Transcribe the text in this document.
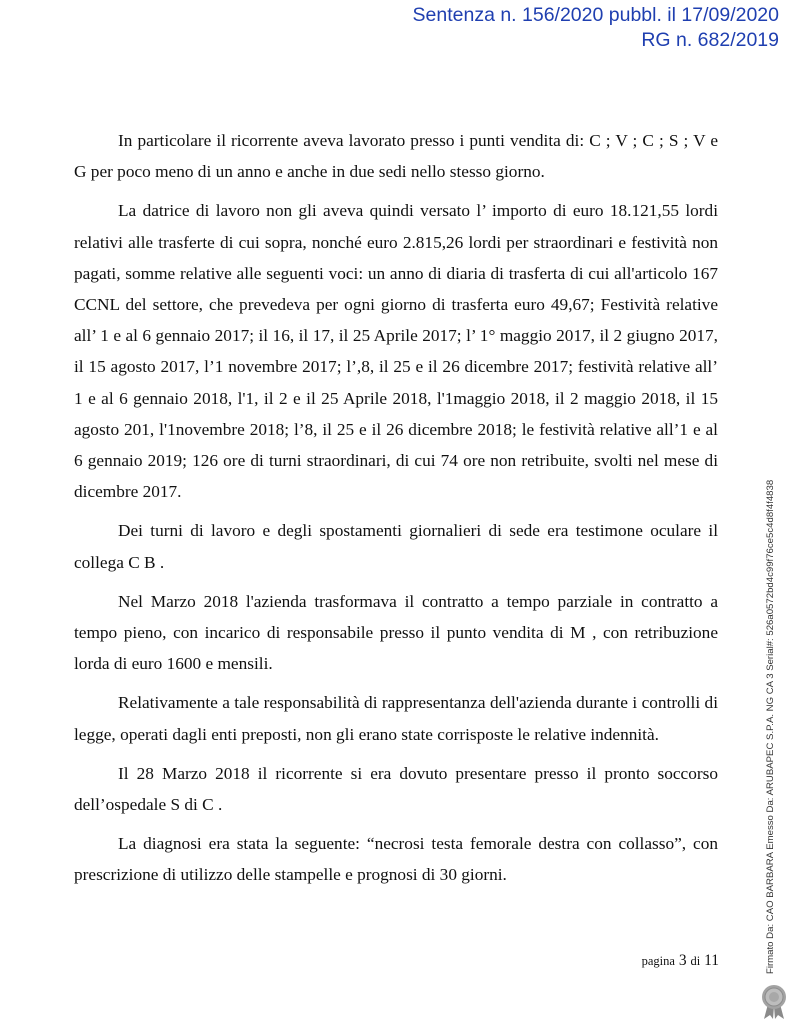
Sentenza n. 156/2020 pubbl. il 17/09/2020
RG n. 682/2019

In particolare il ricorrente aveva lavorato presso i punti vendita di: C ; V ; C ; S ; V e G per poco meno di un anno e anche in due sedi nello stesso giorno.

La datrice di lavoro non gli aveva quindi versato l’ importo di euro 18.121,55 lordi relativi alle trasferte di cui sopra, nonché euro 2.815,26 lordi per straordinari e festività non pagati, somme relative alle seguenti voci: un anno di diaria di trasferta di cui all'articolo 167 CCNL del settore, che prevedeva per ogni giorno di trasferta euro 49,67; Festività relative all’ 1 e al 6 gennaio 2017; il 16, il 17, il 25 Aprile 2017; l’ 1° maggio 2017, il 2 giugno 2017, il 15 agosto 2017, l’1 novembre 2017; l’,8, il 25 e il 26 dicembre 2017; festività relative all’ 1 e al 6 gennaio 2018, l'1, il 2 e il 25 Aprile 2018, l'1maggio 2018, il 2 maggio 2018, il 15 agosto 201, l'1novembre 2018; l’8, il 25 e il 26 dicembre 2018; le festività relative all’1 e al 6 gennaio 2019; 126 ore di turni straordinari, di cui 74 ore non retribuite, svolti nel mese di dicembre 2017.

Dei turni di lavoro e degli spostamenti giornalieri di sede era testimone oculare il collega C B .

Nel Marzo 2018 l'azienda trasformava il contratto a tempo parziale in contratto a tempo pieno, con incarico di responsabile presso il punto vendita di M , con retribuzione lorda di euro 1600 e mensili.

Relativamente a tale responsabilità di rappresentanza dell'azienda durante i controlli di legge, operati dagli enti preposti, non gli erano state corrisposte le relative indennità.

Il 28 Marzo 2018 il ricorrente si era dovuto presentare presso il pronto soccorso dell’ospedale S di C .

La diagnosi era stata la seguente: “necrosi testa femorale destra con collasso”, con prescrizione di utilizzo delle stampelle e prognosi di 30 giorni.

pagina 3 di 11	Firmato Da: CAO BARBARA Emesso Da: ARUBAPEC S.P.A. NG CA 3 Serial#: 526a0572bd4c99f76ce5c4d8f4f4838
